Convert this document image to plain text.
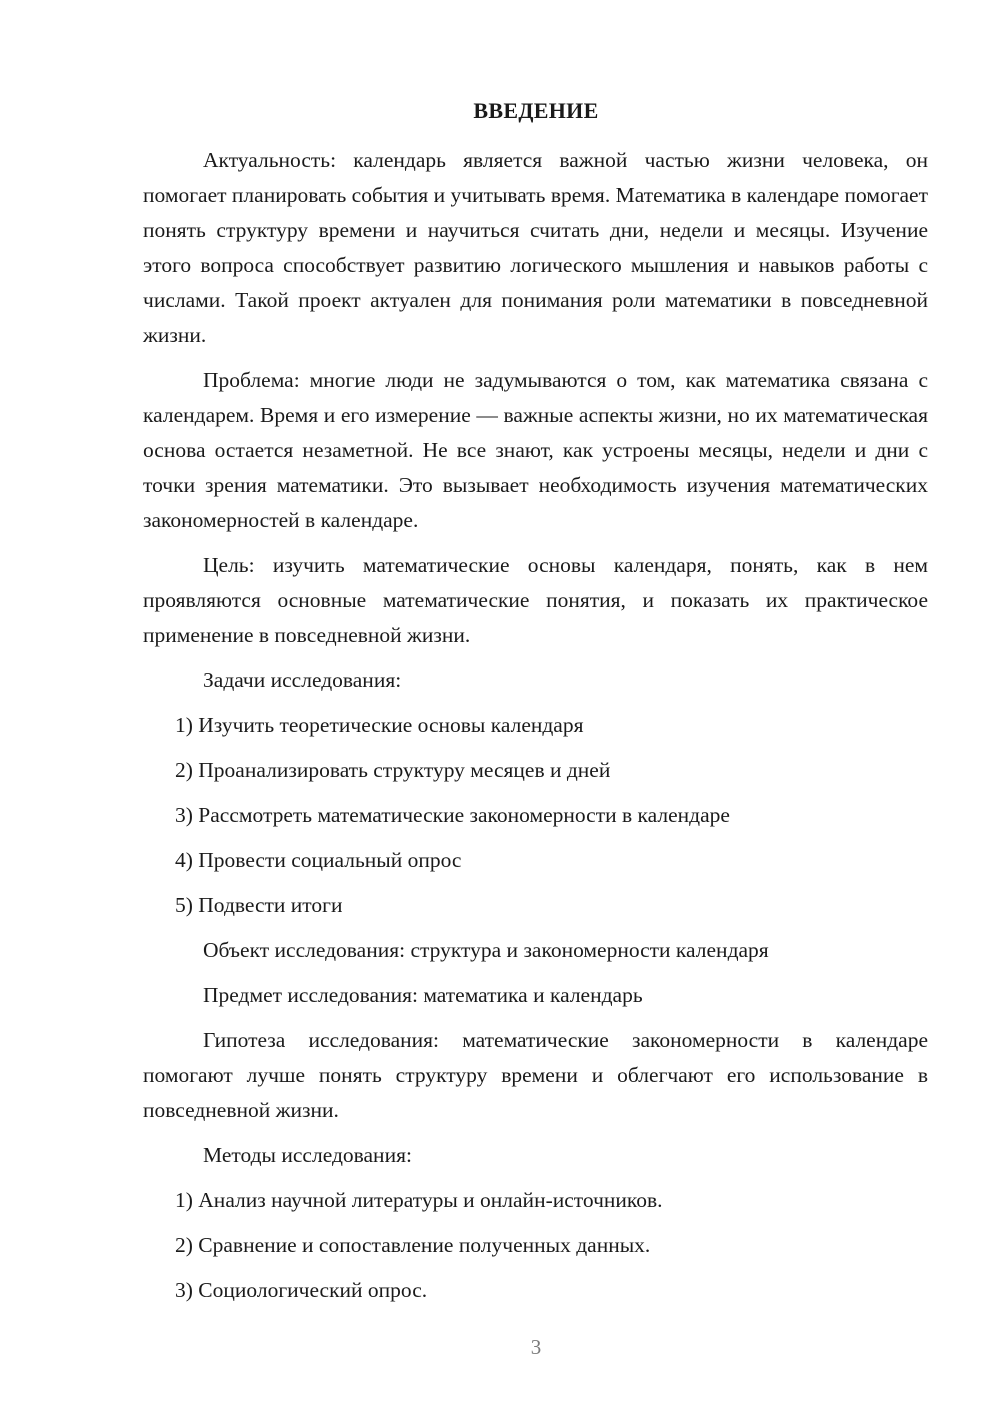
ВВЕДЕНИЕ

Актуальность: календарь является важной частью жизни человека, он помогает планировать события и учитывать время. Математика в календаре помогает понять структуру времени и научиться считать дни, недели и месяцы. Изучение этого вопроса способствует развитию логического мышления и навыков работы с числами. Такой проект актуален для понимания роли математики в повседневной жизни.

Проблема: многие люди не задумываются о том, как математика связана с календарем. Время и его измерение — важные аспекты жизни, но их математическая основа остается незаметной. Не все знают, как устроены месяцы, недели и дни с точки зрения математики. Это вызывает необходимость изучения математических закономерностей в календаре.

Цель: изучить математические основы календаря, понять, как в нем проявляются основные математические понятия, и показать их практическое применение в повседневной жизни.

Задачи исследования:

1) Изучить теоретические основы календаря
2) Проанализировать структуру месяцев и дней
3) Рассмотреть математические закономерности в календаре
4) Провести социальный опрос
5) Подвести итоги

Объект исследования: структура и закономерности календаря

Предмет исследования: математика и календарь

Гипотеза исследования: математические закономерности в календаре помогают лучше понять структуру времени и облегчают его использование в повседневной жизни.

Методы исследования:

1) Анализ научной литературы и онлайн-источников.
2) Сравнение и сопоставление полученных данных.
3) Социологический опрос.
3
